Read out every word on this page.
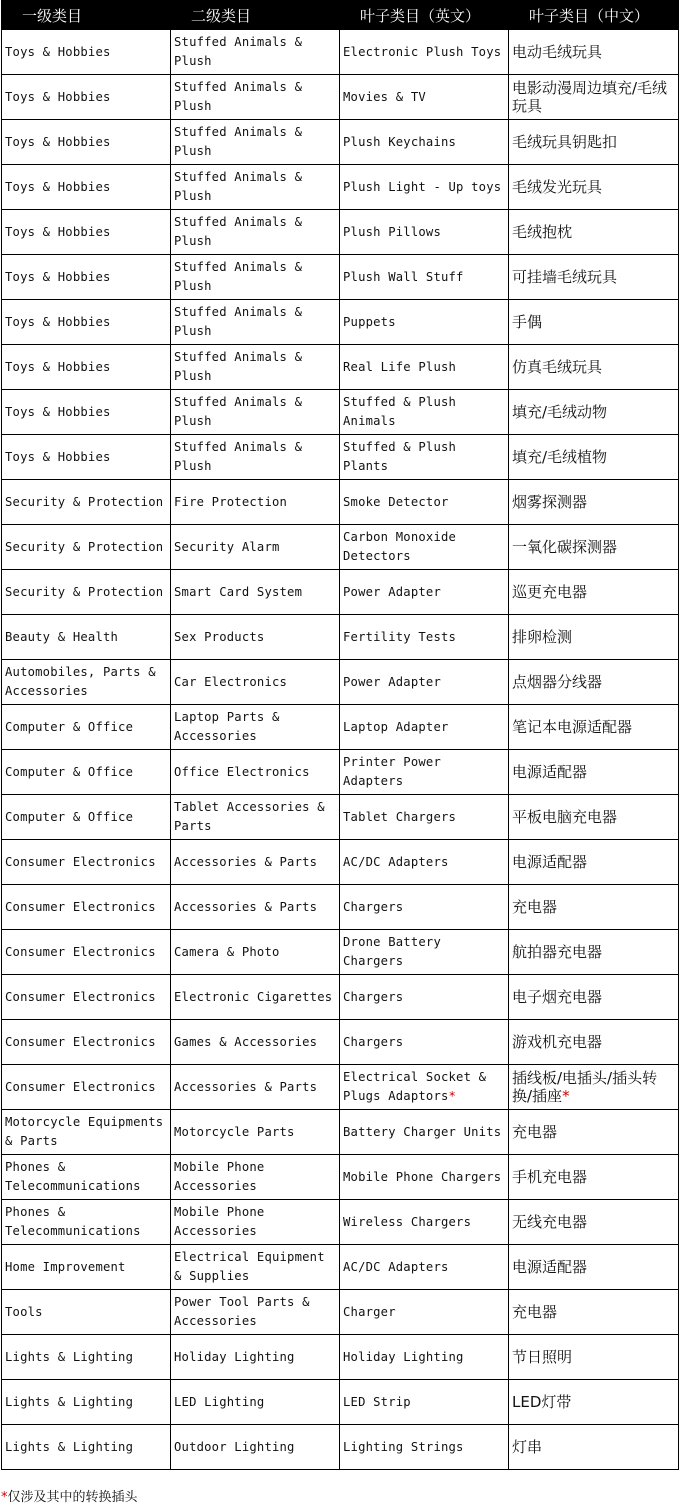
一级类目	二级类目	叶子类目（英文）	叶子类目（中文）
Toys & Hobbies	Stuffed Animals & Plush	Electronic Plush Toys	电动毛绒玩具
Toys & Hobbies	Stuffed Animals & Plush	Movies & TV	电影动漫周边填充/毛绒玩具
Toys & Hobbies	Stuffed Animals & Plush	Plush Keychains	毛绒玩具钥匙扣
Toys & Hobbies	Stuffed Animals & Plush	Plush Light - Up toys	毛绒发光玩具
Toys & Hobbies	Stuffed Animals & Plush	Plush Pillows	毛绒抱枕
Toys & Hobbies	Stuffed Animals & Plush	Plush Wall Stuff	可挂墙毛绒玩具
Toys & Hobbies	Stuffed Animals & Plush	Puppets	手偶
Toys & Hobbies	Stuffed Animals & Plush	Real Life Plush	仿真毛绒玩具
Toys & Hobbies	Stuffed Animals & Plush	Stuffed & Plush Animals	填充/毛绒动物
Toys & Hobbies	Stuffed Animals & Plush	Stuffed & Plush Plants	填充/毛绒植物
Security & Protection	Fire Protection	Smoke Detector	烟雾探测器
Security & Protection	Security Alarm	Carbon Monoxide Detectors	一氧化碳探测器
Security & Protection	Smart Card System	Power Adapter	巡更充电器
Beauty & Health	Sex Products	Fertility Tests	排卵检测
Automobiles, Parts & Accessories	Car Electronics	Power Adapter	点烟器分线器
Computer & Office	Laptop Parts & Accessories	Laptop Adapter	笔记本电源适配器
Computer & Office	Office Electronics	Printer Power Adapters	电源适配器
Computer & Office	Tablet Accessories & Parts	Tablet Chargers	平板电脑充电器
Consumer Electronics	Accessories & Parts	AC/DC Adapters	电源适配器
Consumer Electronics	Accessories & Parts	Chargers	充电器
Consumer Electronics	Camera & Photo	Drone Battery Chargers	航拍器充电器
Consumer Electronics	Electronic Cigarettes	Chargers	电子烟充电器
Consumer Electronics	Games & Accessories	Chargers	游戏机充电器
Consumer Electronics	Accessories & Parts	Electrical Socket & Plugs Adaptors*	插线板/电插头/插头转换/插座*
Motorcycle Equipments & Parts	Motorcycle Parts	Battery Charger Units	充电器
Phones & Telecommunications	Mobile Phone Accessories	Mobile Phone Chargers	手机充电器
Phones & Telecommunications	Mobile Phone Accessories	Wireless Chargers	无线充电器
Home Improvement	Electrical Equipment & Supplies	AC/DC Adapters	电源适配器
Tools	Power Tool Parts & Accessories	Charger	充电器
Lights & Lighting	Holiday Lighting	Holiday Lighting	节日照明
Lights & Lighting	LED Lighting	LED Strip	LED灯带
Lights & Lighting	Outdoor Lighting	Lighting Strings	灯串
*仅涉及其中的转换插头
